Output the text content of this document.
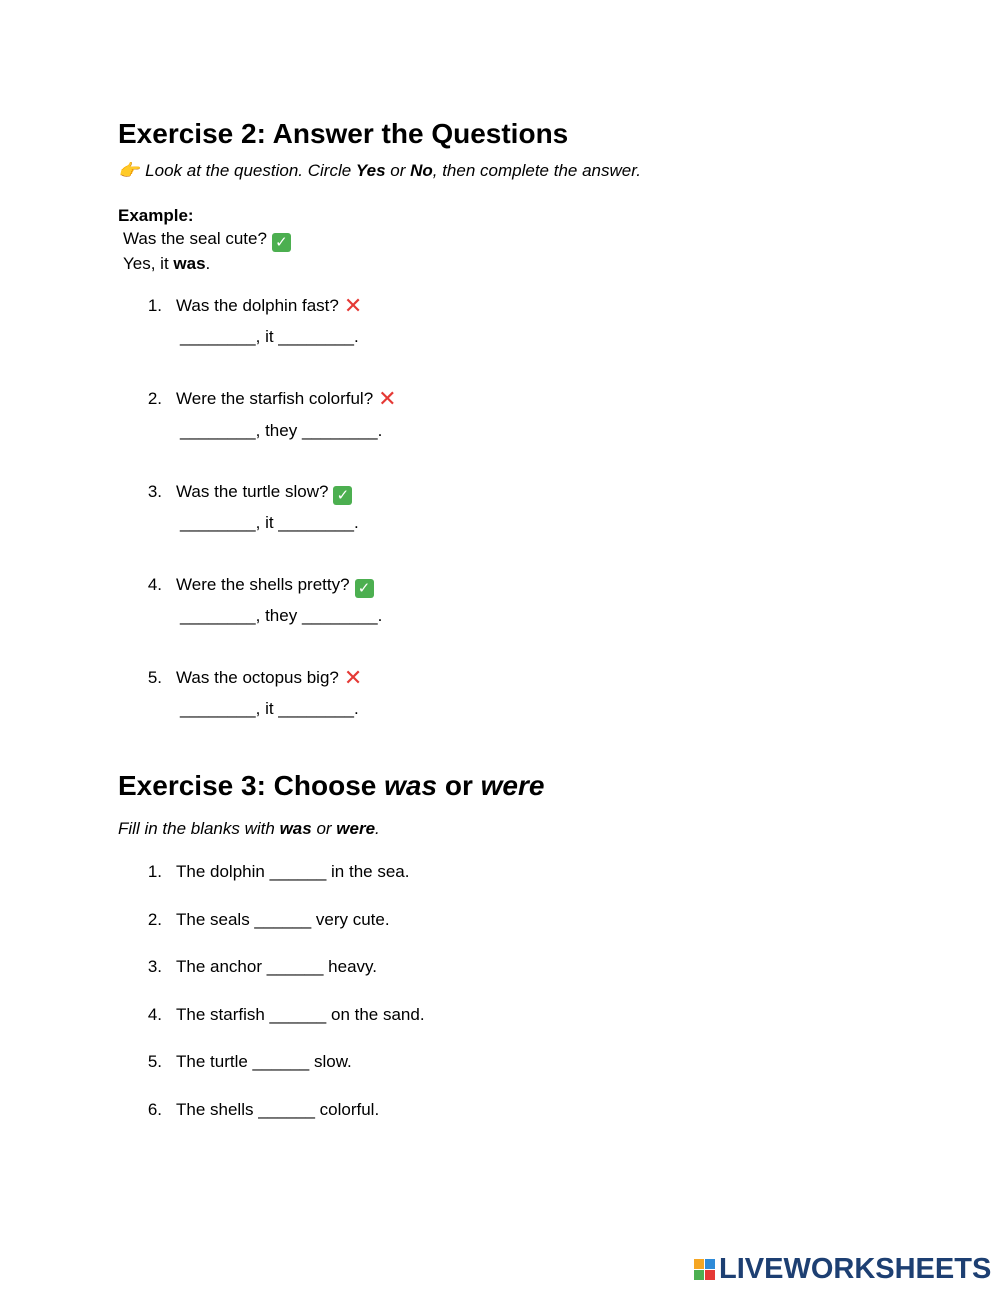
Exercise 2: Answer the Questions
👉 Look at the question. Circle Yes or No, then complete the answer.
Example:
Was the seal cute? ✓
Yes, it was.
1. Was the dolphin fast? ✕
________, it ________.
2. Were the starfish colorful? ✕
________, they ________.
3. Was the turtle slow? ✓
________, it ________.
4. Were the shells pretty? ✓
________, they ________.
5. Was the octopus big? ✕
________, it ________.
Exercise 3: Choose was or were
Fill in the blanks with was or were.
1. The dolphin ______ in the sea.
2. The seals ______ very cute.
3. The anchor ______ heavy.
4. The starfish ______ on the sand.
5. The turtle ______ slow.
6. The shells ______ colorful.
LIVEWORKSHEETS
